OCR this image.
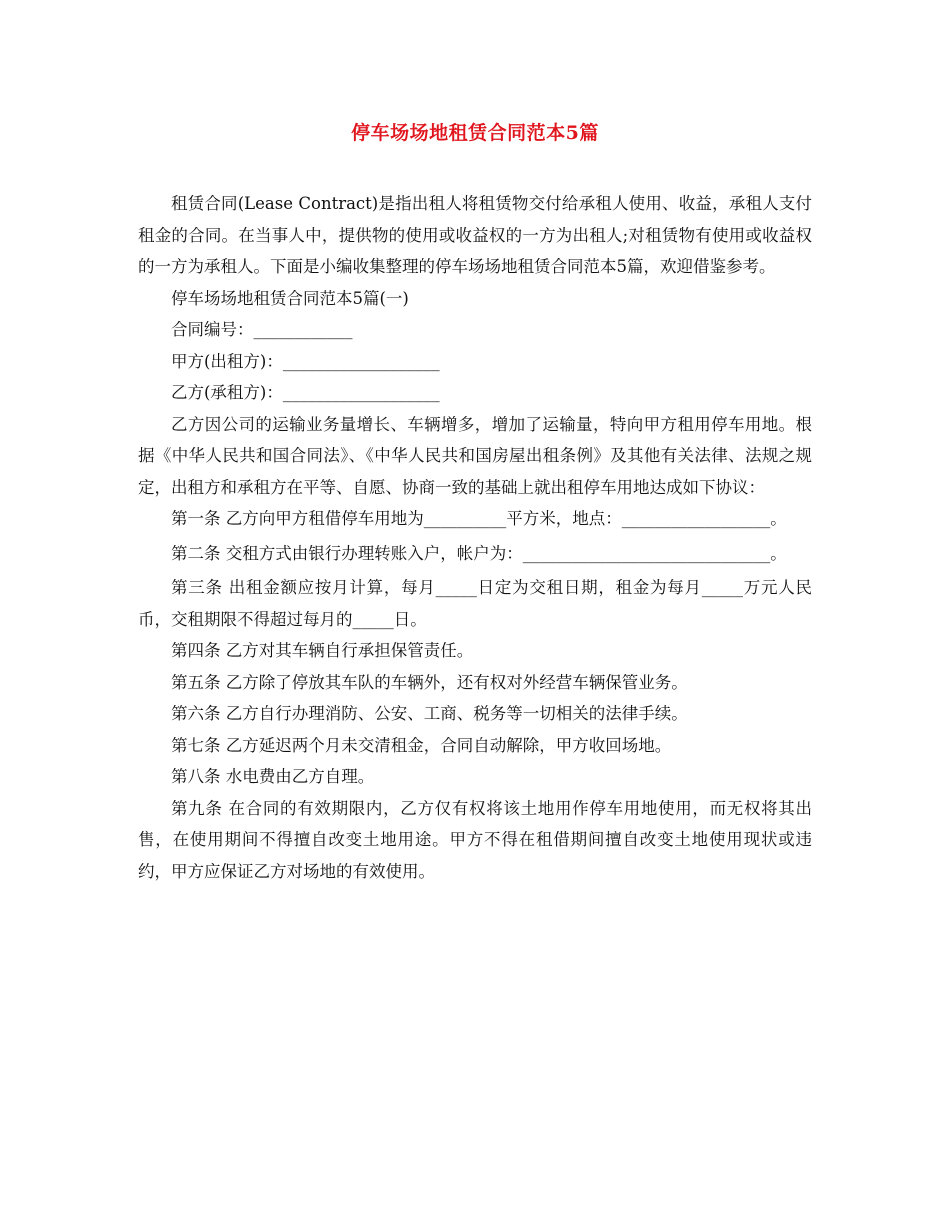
停车场场地租赁合同范本5篇

租赁合同(Lease Contract)是指出租人将租赁物交付给承租人使用、收益，承租人支付租金的合同。在当事人中，提供物的使用或收益权的一方为出租人;对租赁物有使用或收益权的一方为承租人。下面是小编收集整理的停车场场地租赁合同范本5篇，欢迎借鉴参考。

停车场场地租赁合同范本5篇(一)

合同编号：____________

甲方(出租方)：___________________

乙方(承租方)：___________________

乙方因公司的运输业务量增长、车辆增多，增加了运输量，特向甲方租用停车用地。根据《中华人民共和国合同法》、《中华人民共和国房屋出租条例》及其他有关法律、法规之规定，出租方和承租方在平等、自愿、协商一致的基础上就出租停车用地达成如下协议：

第一条 乙方向甲方租借停车用地为__________平方米，地点：__________________。

第二条 交租方式由银行办理转账入户，帐户为：______________________________。

第三条 出租金额应按月计算，每月_____日定为交租日期，租金为每月_____万元人民币，交租期限不得超过每月的_____日。

第四条 乙方对其车辆自行承担保管责任。

第五条 乙方除了停放其车队的车辆外，还有权对外经营车辆保管业务。

第六条 乙方自行办理消防、公安、工商、税务等一切相关的法律手续。

第七条 乙方延迟两个月未交清租金，合同自动解除，甲方收回场地。

第八条 水电费由乙方自理。

第九条 在合同的有效期限内，乙方仅有权将该土地用作停车用地使用，而无权将其出售，在使用期间不得擅自改变土地用途。甲方不得在租借期间擅自改变土地使用现状或违约，甲方应保证乙方对场地的有效使用。
